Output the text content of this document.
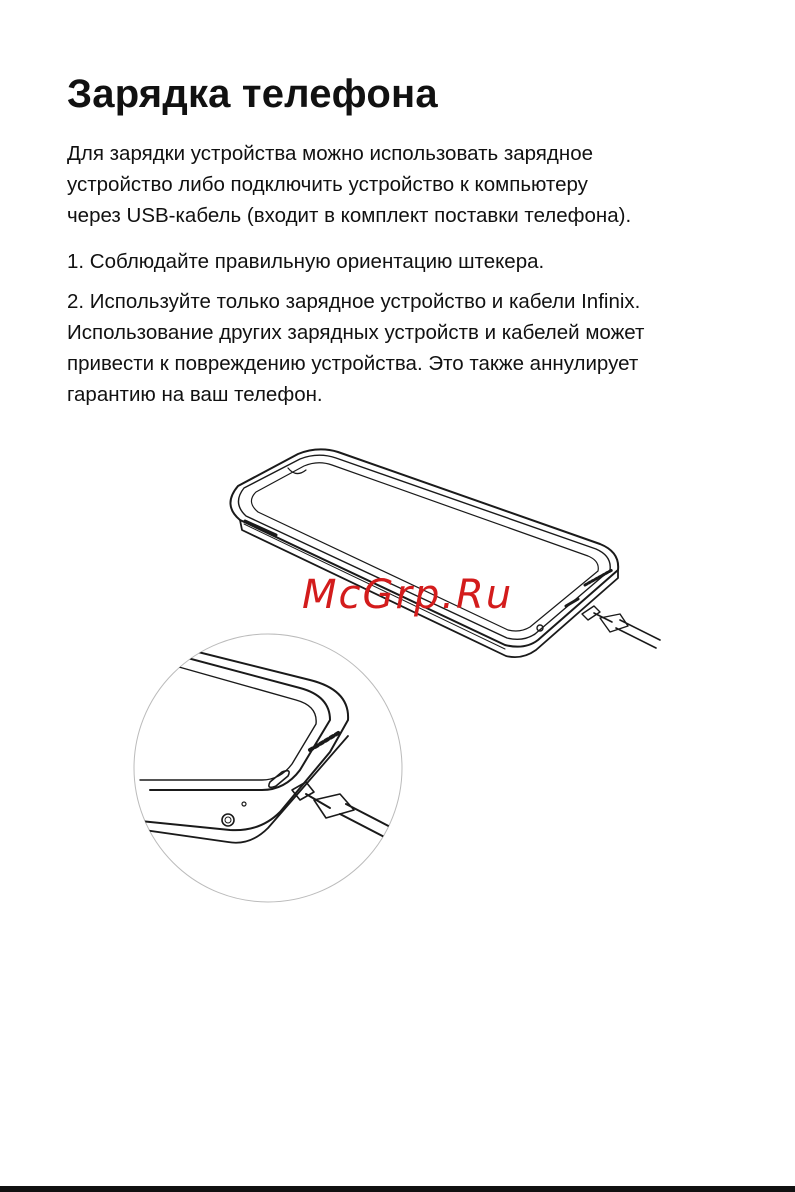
Зарядка телефона

Для зарядки устройства можно использовать зарядное
устройство либо подключить устройство к компьютеру
через USB-кабель (входит в комплект поставки телефона).

1. Соблюдайте правильную ориентацию штекера.

2. Используйте только зарядное устройство и кабели Infinix.
Использование других зарядных устройств и кабелей может
привести к повреждению устройства. Это также аннулирует
гарантию на ваш телефон.

McGrp.Ru
